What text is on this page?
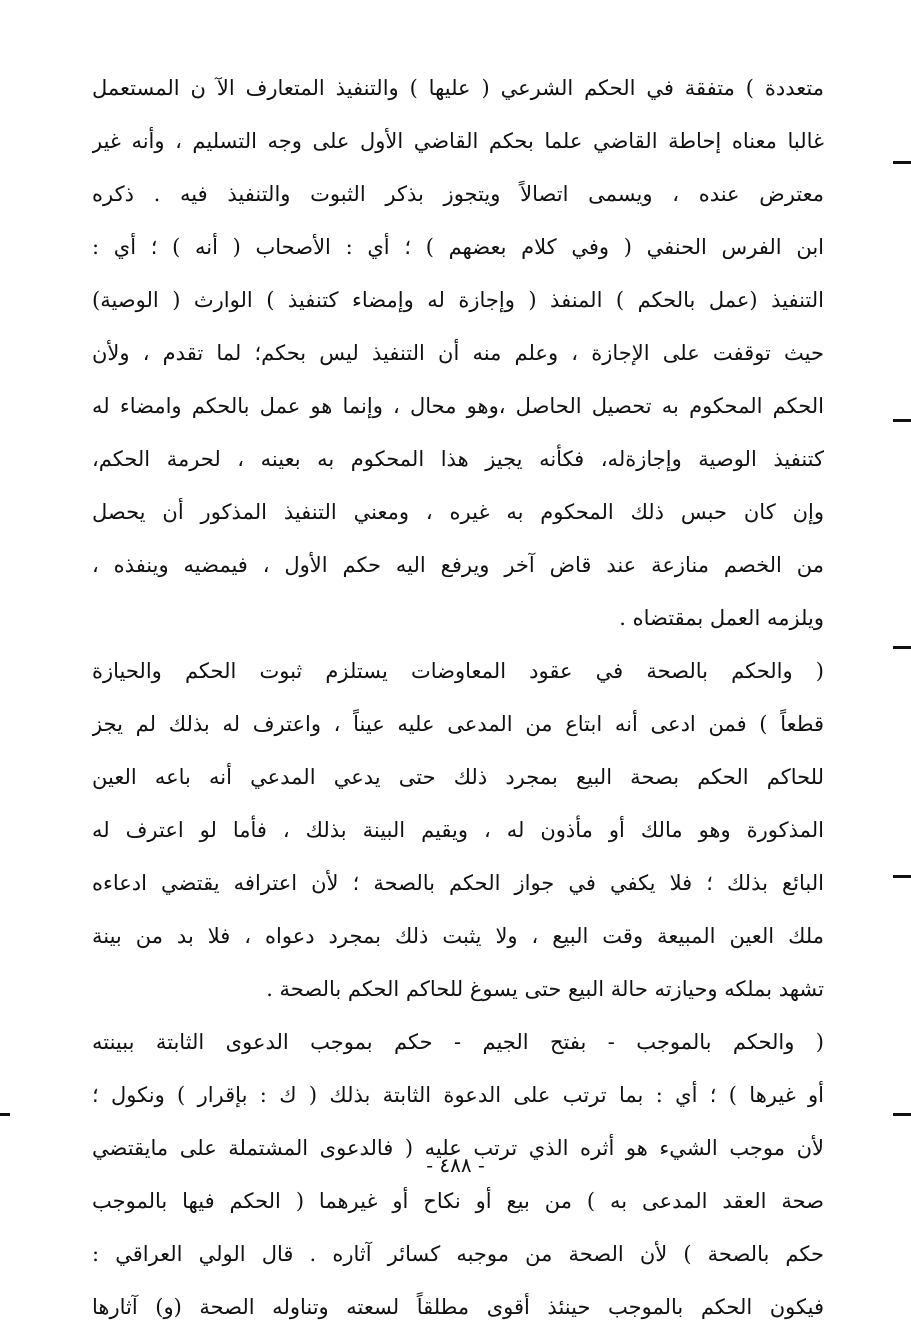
متعددة ) متفقة في الحكم الشرعي ( عليها ) والتنفيذ المتعارف الآ ن المستعمل
غالبا معناه إحاطة القاضي علما بحكم القاضي الأول على وجه التسليم ، وأنه غير
معترض عنده ، ويسمى اتصالاً ويتجوز بذكر الثبوت والتنفيذ فيه . ذكره
ابن الفرس الحنفي ( وفي كلام بعضهم ) ؛ أي : الأصحاب ( أنه ) ؛ أي :
التنفيذ (عمل بالحكم ) المنفذ ( وإجازة له وإمضاء كتنفيذ ) الوارث ( الوصية)
حيث توقفت على الإجازة ، وعلم منه أن التنفيذ ليس بحكم؛ لما تقدم ، ولأن
الحكم المحكوم به تحصيل الحاصل ،وهو محال ، وإنما هو عمل بالحكم وامضاء له
كتنفيذ الوصية وإجازةله، فكأنه يجيز هذا المحكوم به بعينه ، لحرمة الحكم،
وإن كان حبس ذلك المحكوم به غيره ، ومعني التنفيذ المذكور أن يحصل
من الخصم منازعة عند قاض آخر ويرفع اليه حكم الأول ، فيمضيه وينفذه ،
ويلزمه العمل بمقتضاه .
( والحكم بالصحة في عقود المعاوضات يستلزم ثبوت الحكم والحيازة
قطعاً ) فمن ادعى أنه ابتاع من المدعى عليه عيناً ، واعترف له بذلك لم يجز
للحاكم الحكم بصحة البيع بمجرد ذلك حتى يدعي المدعي أنه باعه العين
المذكورة وهو مالك أو مأذون له ، ويقيم البينة بذلك ، فأما لو اعترف له
البائع بذلك ؛ فلا يكفي في جواز الحكم بالصحة ؛ لأن اعترافه يقتضي ادعاءه
ملك العين المبيعة وقت البيع ، ولا يثبت ذلك بمجرد دعواه ، فلا بد من بينة
تشهد بملكه وحيازته حالة البيع حتى يسوغ للحاكم الحكم بالصحة .
( والحكم بالموجب - بفتح الجيم - حكم بموجب الدعوى الثابتة ببينته
أو غيرها ) ؛ أي : بما ترتب على الدعوة الثابتة بذلك ( ك : بإقرار ) ونكول ؛
لأن موجب الشيء هو أثره الذي ترتب عليه ( فالدعوى المشتملة على مايقتضي
صحة العقد المدعى به ) من بيع أو نكاح أو غيرهما ( الحكم فيها بالموجب
حكم بالصحة ) لأن الصحة من موجبه كسائر آثاره . قال الولي العراقي :
فيكون الحكم بالموجب حينئذ أقوى مطلقاً لسعته وتناوله الصحة (و) آثارها
- ٤٨٨ -
